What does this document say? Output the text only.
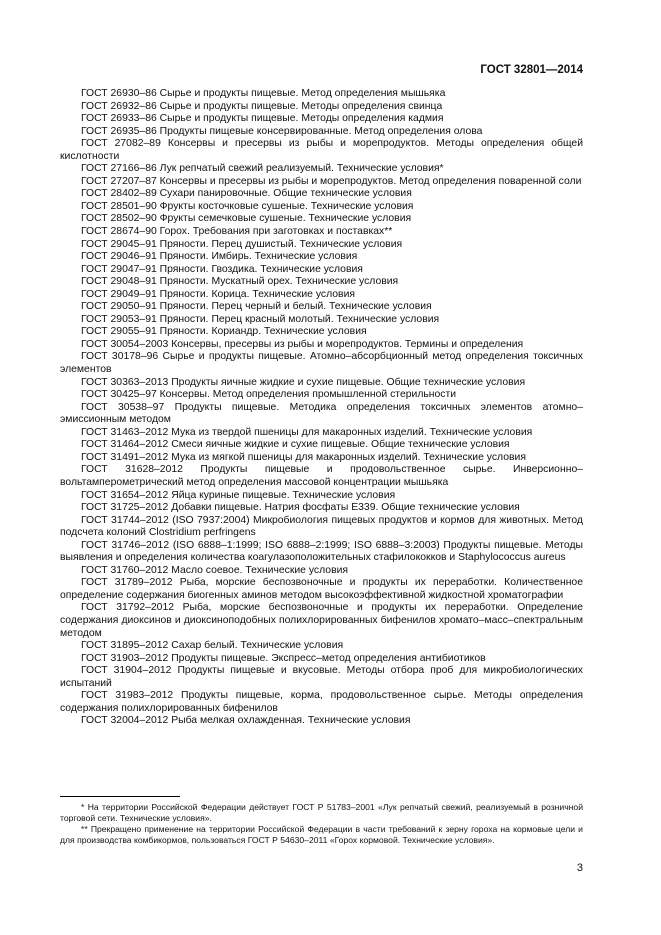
ГОСТ 32801—2014

ГОСТ 26930–86 Сырье и продукты пищевые. Метод определения мышьяка

ГОСТ 26932–86 Сырье и продукты пищевые. Методы определения свинца

ГОСТ 26933–86 Сырье и продукты пищевые. Методы определения кадмия

ГОСТ 26935–86 Продукты пищевые консервированные. Метод определения олова

ГОСТ 27082–89 Консервы и пресервы из рыбы и морепродуктов. Методы определения общей кислотности

ГОСТ 27166–86 Лук репчатый свежий реализуемый. Технические условия*

ГОСТ 27207–87 Консервы и пресервы из рыбы и морепродуктов. Метод определения поваренной соли

ГОСТ 28402–89 Сухари панировочные. Общие технические условия

ГОСТ 28501–90 Фрукты косточковые сушеные. Технические условия

ГОСТ 28502–90 Фрукты семечковые сушеные. Технические условия

ГОСТ 28674–90 Горох. Требования при заготовках и поставках**

ГОСТ 29045–91 Пряности. Перец душистый. Технические условия

ГОСТ 29046–91 Пряности. Имбирь. Технические условия

ГОСТ 29047–91 Пряности. Гвоздика. Технические условия

ГОСТ 29048–91 Пряности. Мускатный орех. Технические условия

ГОСТ 29049–91 Пряности. Корица. Технические условия

ГОСТ 29050–91 Пряности. Перец черный и белый. Технические условия

ГОСТ 29053–91 Пряности. Перец красный молотый. Технические условия

ГОСТ 29055–91 Пряности. Кориандр. Технические условия

ГОСТ 30054–2003 Консервы, пресервы из рыбы и морепродуктов. Термины и определения

ГОСТ 30178–96 Сырье и продукты пищевые. Атомно–абсорбционный метод определения токсичных элементов

ГОСТ 30363–2013 Продукты яичные жидкие и сухие пищевые. Общие технические условия

ГОСТ 30425–97 Консервы. Метод определения промышленной стерильности

ГОСТ 30538–97 Продукты пищевые. Методика определения токсичных элементов атомно–эмиссионным методом

ГОСТ 31463–2012 Мука из твердой пшеницы для макаронных изделий. Технические условия

ГОСТ 31464–2012 Смеси яичные жидкие и сухие пищевые. Общие технические условия

ГОСТ 31491–2012 Мука из мягкой пшеницы для макаронных изделий. Технические условия

ГОСТ 31628–2012 Продукты пищевые и продовольственное сырье. Инверсионно–вольтамперометрический метод определения массовой концентрации мышьяка

ГОСТ 31654–2012 Яйца куриные пищевые. Технические условия

ГОСТ 31725–2012 Добавки пищевые. Натрия фосфаты E339. Общие технические условия

ГОСТ 31744–2012 (ISO 7937:2004) Микробиология пищевых продуктов и кормов для животных. Метод подсчета колоний Clostridium perfringens

ГОСТ 31746–2012 (ISO 6888–1:1999; ISO 6888–2:1999; ISO 6888–3:2003) Продукты пищевые. Методы выявления и определения количества коагулазоположительных стафилококков и Staphylococcus aureus

ГОСТ 31760–2012 Масло соевое. Технические условия

ГОСТ 31789–2012 Рыба, морские беспозвоночные и продукты их переработки. Количественное определение содержания биогенных аминов методом высокоэффективной жидкостной хроматографии

ГОСТ 31792–2012 Рыба, морские беспозвоночные и продукты их переработки. Определение содержания диоксинов и диоксиноподобных полихлорированных бифенилов хромато–масс–спектральным методом

ГОСТ 31895–2012 Сахар белый. Технические условия

ГОСТ 31903–2012 Продукты пищевые. Экспресс–метод определения антибиотиков

ГОСТ 31904–2012 Продукты пищевые и вкусовые. Методы отбора проб для микробиологических испытаний

ГОСТ 31983–2012 Продукты пищевые, корма, продовольственное сырье. Методы определения содержания полихлорированных бифенилов

ГОСТ 32004–2012 Рыба мелкая охлажденная. Технические условия

* На территории Российской Федерации действует ГОСТ Р 51783–2001 «Лук репчатый свежий, реализуемый в розничной торговой сети. Технические условия».

** Прекращено применение на территории Российской Федерации в части требований к зерну гороха на кормовые цели и для производства комбикормов, пользоваться ГОСТ Р 54630–2011 «Горох кормовой. Технические условия».

3
